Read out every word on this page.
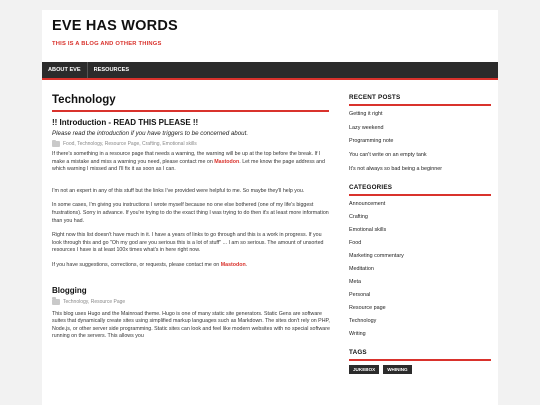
EVE HAS WORDS
THIS IS A BLOG AND OTHER THINGS
ABOUT EVE	RESOURCES
Technology
!! Introduction - READ THIS PLEASE !!
Please read the introduction if you have triggers to be concerned about.
Food, Technology, Resource Page, Crafting, Emotional skills

If there's something in a resource page that needs a warning, the warning will be up at the top before the break. If I make a mistake and miss a warning you need, please contact me on Mastodon. Let me know the page address and which warning I missed and I'll fix it as soon as I can.

I'm not an expert in any of this stuff but the links I've provided were helpful to me. So maybe they'll help you.

In some cases, I'm giving you instructions I wrote myself because no one else bothered (one of my life's biggest frustrations). Sorry in advance. If you're trying to do the exact thing I was trying to do then it's at least more information than you had.

Right now this list doesn't have much in it. I have a years of links to go through and this is a work in progress. If you look through this and go "Oh my god are you serious this is a lot of stuff" ... I am so serious. The amount of unsorted resources I have is at least 100x times what's in here right now.

If you have suggestions, corrections, or requests, please contact me on Mastodon.

Blogging
Technology, Resource Page

This blog uses Hugo and the Mainroad theme. Hugo is one of many static site generators. Static Gens are software suites that dynamically create sites using simplified markup languages such as Markdown. The sites don't rely on PHP, Node.js, or other server side programming. Static sites can look and feel like modern websites with no special software running on the servers. This allows you

RECENT POSTS
Getting it right
Lazy weekend
Programming note
You can't write on an empty tank
It's not always so bad being a beginner
CATEGORIES
Announcement
Crafting
Emotional skills
Food
Marketing commentary
Meditation
Meta
Personal
Resource page
Technology
Writing
TAGS
JUKEBOX	WHINING
